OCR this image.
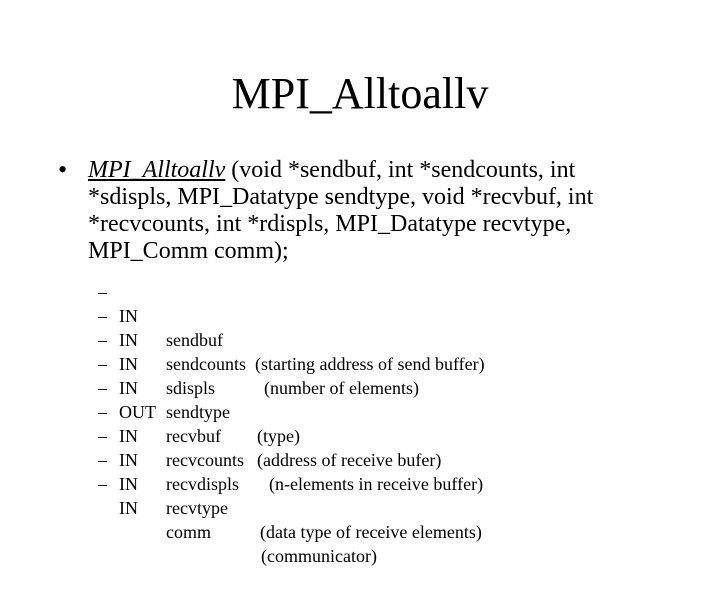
MPI_Alltoallv
• MPI_Alltoallv (void *sendbuf, int *sendcounts, int *sdispls, MPI_Datatype sendtype, void *recvbuf, int *recvcounts, int *rdispls, MPI_Datatype recvtype, MPI_Comm comm);

–

IN

sendbuf

(starting address of send buffer)

–

IN

sendcounts

(number of elements)

–

IN

sdispls

–

IN

sendtype

(type)

–

OUT

recvbuf

(address of receive bufer)

–

IN

recvcounts

(n-elements in receive buffer)

–

IN

recvdispls

–

IN

recvtype

(data type of receive elements)

–

IN

comm

(communicator)
